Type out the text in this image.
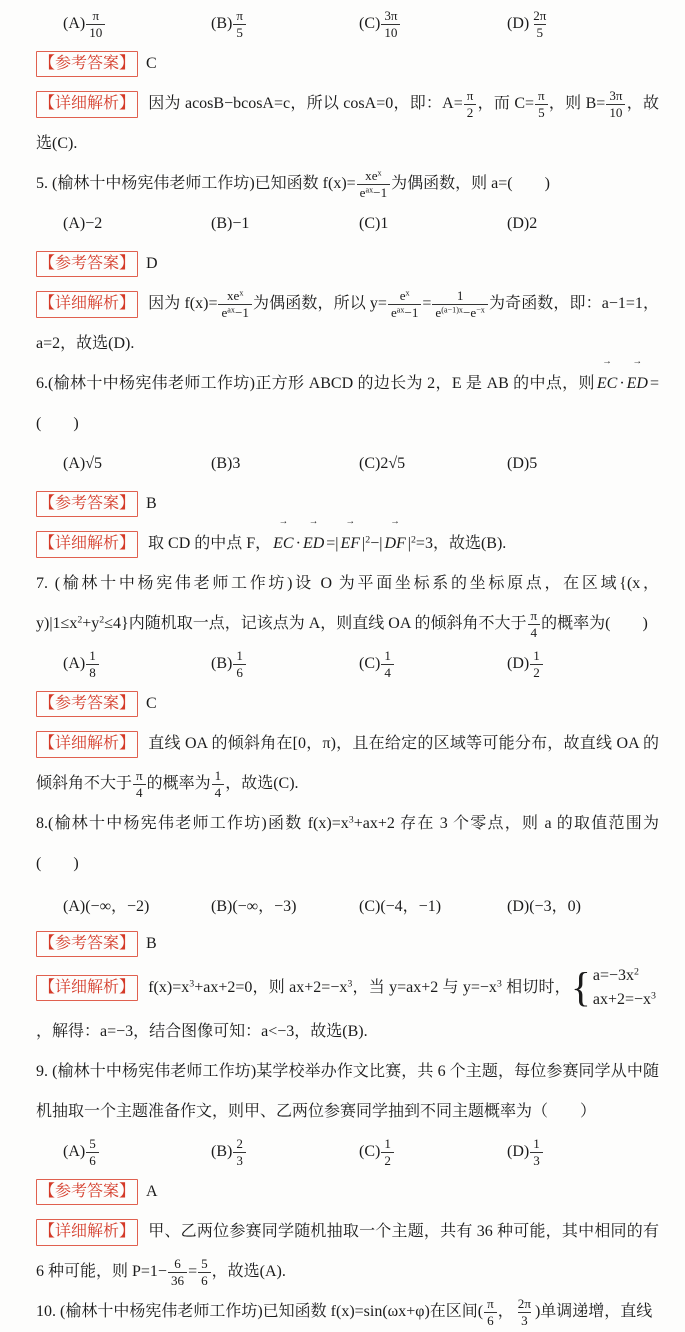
$(A) \frac{\pi}{10}$	$(B) \frac{\pi}{5}$	$(C) \frac{3\pi}{10}$	$(D) \frac{2\pi}{5}$
【参考答案】 C

【详细解析】 因为 acosB−bcosA=c，所以 cosA=0，即：$A= \frac{\pi}{2}$ ，而 $C= \frac{\pi}{5}$ ，则 $B= \frac{3\pi}{10}$ ，故选(C).

5. (榆林十中杨宪伟老师工作坊)已知函数 $f(x)= \frac{xe^x}{e^{ax}-1}$ 为偶函数，则 a=(　　)

(A)−2	(B)−1	(C)1	(D)2
【参考答案】 D

【详细解析】 因为 $f(x)= \frac{xe^x}{e^{ax}-1}$ 为偶函数，所以 $y= \frac{e^x}{e^{ax}-1} = \frac{1}{e^{(a-1)x}-e^{-x}}$ 为奇函数，即：a−1=1，a=2，故选(D).

6.(榆林十中杨宪伟老师工作坊)正方形 ABCD 的边长为 2，E 是 AB 的中点，则
→
EC ·
→
ED =(　　)

(A)√5	(B)3	(C)2√5	(D)5
【参考答案】 B

【详细解析】 取 CD 的中点 F，
→
EC ·
→
ED =|
→
EF $|^2-|$
→
DF $|^2=3$，故选(B).

7. (榆林十中杨宪伟老师工作坊)设 O 为平面坐标系的坐标原点，在区域{(x，$y)|1\le x^2+y^2\le 4$}内随机取一点，记该点为 A，则直线 OA 的倾斜角不大于 $\frac{\pi}{4}$ 的概率为(　　)

$(A) \frac{1}{8}$	$(B) \frac{1}{6}$	$(C) \frac{1}{4}$	$(D) \frac{1}{2}$
【参考答案】 C

【详细解析】 直线 OA 的倾斜角在[0，π)，且在给定的区域等可能分布，故直线 OA 的倾斜角不大于 $\frac{\pi}{4}$ 的概率为 $\frac{1}{4}$ ，故选(C).

8.(榆林十中杨宪伟老师工作坊)函数 $f(x)=x^3+ax+2$ 存在 3 个零点，则 a 的取值范围为(　　)

(A)(−∞，−2)	(B)(−∞，−3)	(C)(−4，−1)	(D)(−3，0)
【参考答案】 B

【详细解析】 $f(x)=x^3+ax+2=0$，则 $ax+2=-x^3$，当 y=ax+2 与 $y=-x^3$ 相切时， { $a=-3x^2$
$ax+2=-x^3$
，解得：a=−3，结合图像可知：a<−3，故选(B).

9. (榆林十中杨宪伟老师工作坊)某学校举办作文比赛，共 6 个主题，每位参赛同学从中随机抽取一个主题准备作文，则甲、乙两位参赛同学抽到不同主题概率为（　　）

$(A) \frac{5}{6}$	$(B) \frac{2}{3}$	$(C) \frac{1}{2}$	$(D) \frac{1}{3}$
【参考答案】 A

【详细解析】 甲、乙两位参赛同学随机抽取一个主题，共有 36 种可能，其中相同的有 6 种可能，则 $P=1- \frac{6}{36} = \frac{5}{6}$ ，故选(A).

10. (榆林十中杨宪伟老师工作坊)已知函数 f(x)=sin(ωx+φ)在区间( $\frac{\pi}{6}$ ， $\frac{2\pi}{3}$ )单调递增，直线
